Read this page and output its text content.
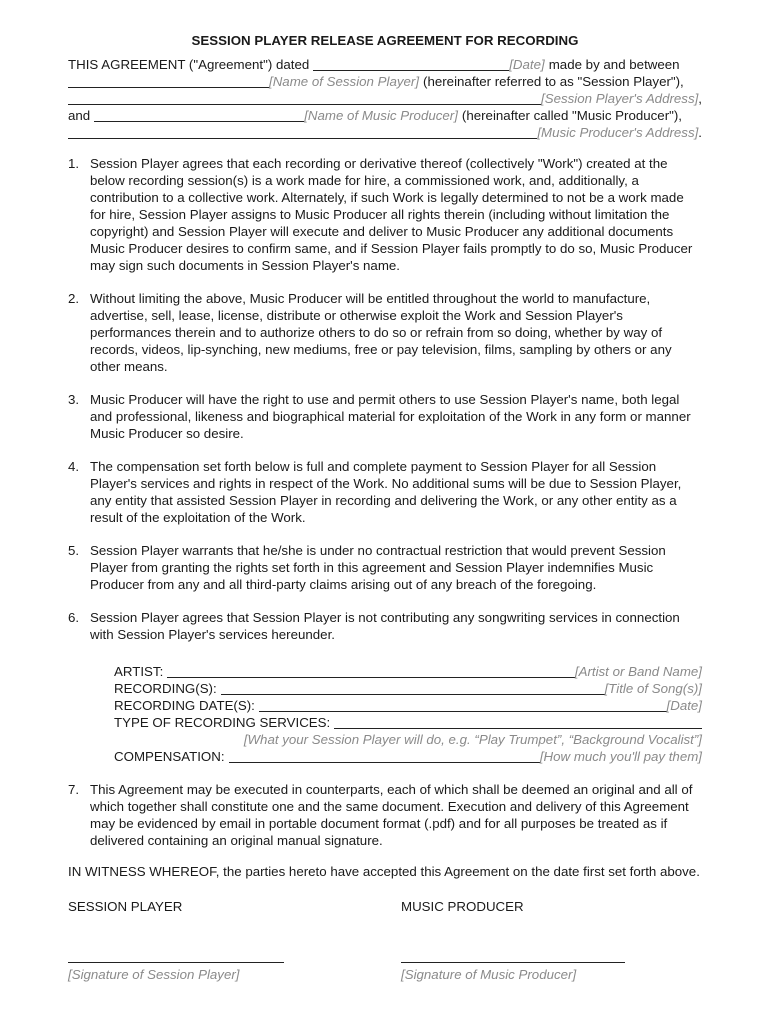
SESSION PLAYER RELEASE AGREEMENT FOR RECORDING
THIS AGREEMENT ("Agreement") dated	[Date] made by and between
[Name of Session Player] (hereinafter referred to as "Session Player"),
[Session Player's Address] ,
and	[Name of Music Producer] (hereinafter called "Music Producer"),
[Music Producer's Address] .
1. Session Player agrees that each recording or derivative thereof (collectively "Work") created at the below recording session(s) is a work made for hire, a commissioned work, and, additionally, a contribution to a collective work. Alternately, if such Work is legally determined to not be a work made for hire, Session Player assigns to Music Producer all rights therein (including without limitation the copyright) and Session Player will execute and deliver to Music Producer any additional documents Music Producer desires to confirm same, and if Session Player fails promptly to do so, Music Producer may sign such documents in Session Player's name.
2. Without limiting the above, Music Producer will be entitled throughout the world to manufacture, advertise, sell, lease, license, distribute or otherwise exploit the Work and Session Player's performances therein and to authorize others to do so or refrain from so doing, whether by way of records, videos, lip-synching, new mediums, free or pay television, films, sampling by others or any other means.
3. Music Producer will have the right to use and permit others to use Session Player's name, both legal and professional, likeness and biographical material for exploitation of the Work in any form or manner Music Producer so desire.
4. The compensation set forth below is full and complete payment to Session Player for all Session Player's services and rights in respect of the Work. No additional sums will be due to Session Player, any entity that assisted Session Player in recording and delivering the Work, or any other entity as a result of the exploitation of the Work.
5. Session Player warrants that he/she is under no contractual restriction that would prevent Session Player from granting the rights set forth in this agreement and Session Player indemnifies Music Producer from any and all third-party claims arising out of any breach of the foregoing.
6. Session Player agrees that Session Player is not contributing any songwriting services in connection with Session Player's services hereunder.
ARTIST:	[Artist or Band Name]
RECORDING(S):	[Title of Song(s)]
RECORDING DATE(S):	[Date]
TYPE OF RECORDING SERVICES:
[What your Session Player will do, e.g. “Play Trumpet”, “Background Vocalist”]
COMPENSATION:	[How much you'll pay them]
7. This Agreement may be executed in counterparts, each of which shall be deemed an original and all of which together shall constitute one and the same document. Execution and delivery of this Agreement may be evidenced by email in portable document format (.pdf) and for all purposes be treated as if delivered containing an original manual signature.
IN WITNESS WHEREOF, the parties hereto have accepted this Agreement on the date first set forth above.
SESSION PLAYER	MUSIC PRODUCER
[Signature of Session Player]	[Signature of Music Producer]
